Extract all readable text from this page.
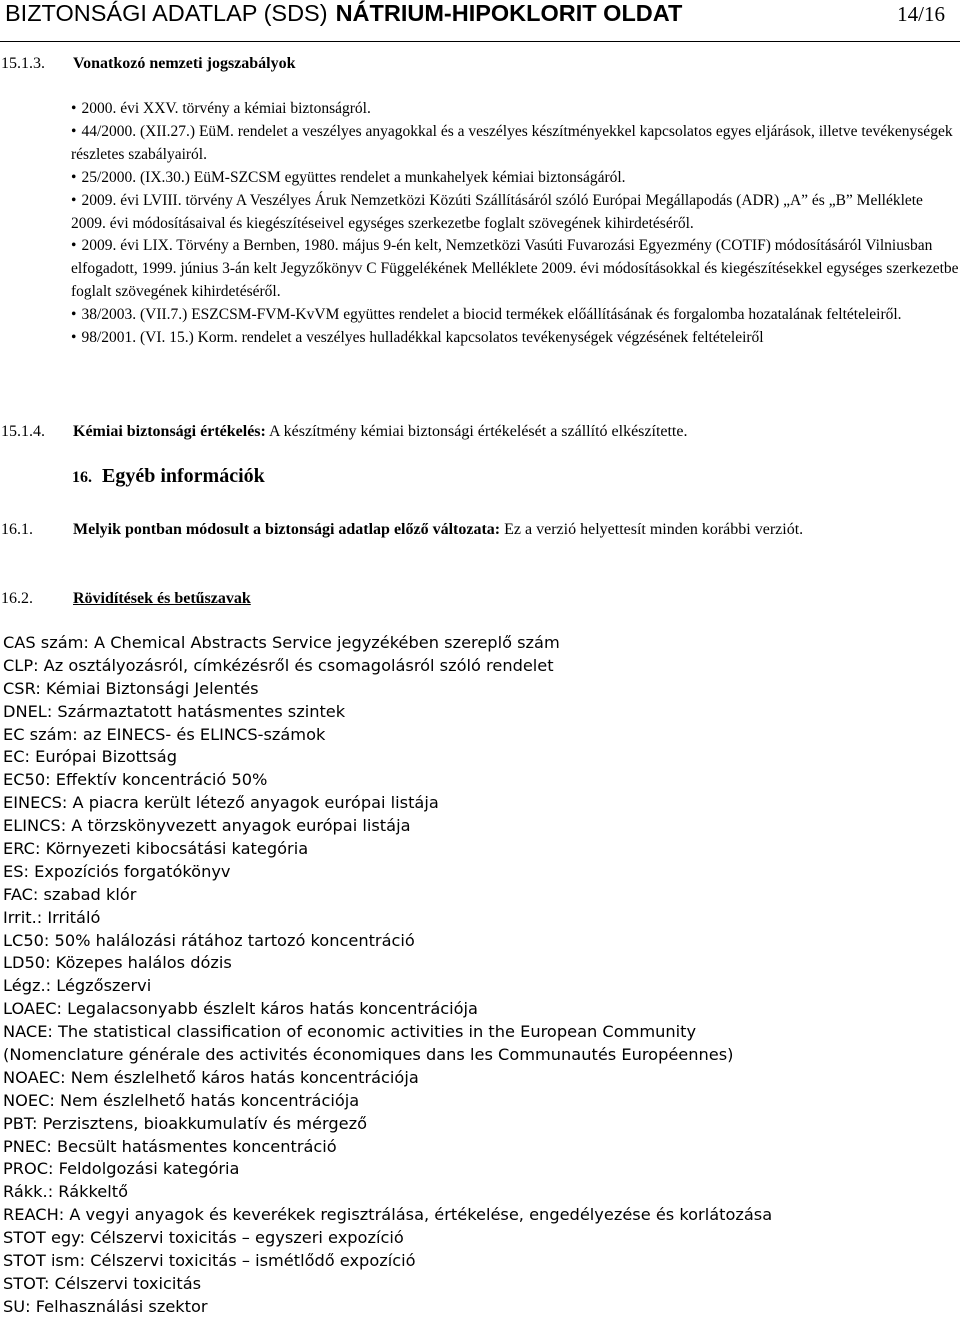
BIZTONSÁGI ADATLAP (SDS) NÁTRIUM-HIPOKLORIT OLDAT	14/16
15.1.3. Vonatkozó nemzeti jogszabályok

• 2000. évi XXV. törvény a kémiai biztonságról.

• 44/2000. (XII.27.) EüM. rendelet a veszélyes anyagokkal és a veszélyes készítményekkel kapcsolatos egyes eljárások, illetve tevékenységek részletes szabályairól.

• 25/2000. (IX.30.) EüM-SZCSM együttes rendelet a munkahelyek kémiai biztonságáról.

• 2009. évi LVIII. törvény A Veszélyes Áruk Nemzetközi Közúti Szállításáról szóló Európai Megállapodás (ADR) „A” és „B” Melléklete 2009. évi módosításaival és kiegészítéseivel egységes szerkezetbe foglalt szövegének kihirdetéséről.

• 2009. évi LIX. Törvény a Bernben, 1980. május 9-én kelt, Nemzetközi Vasúti Fuvarozási Egyezmény (COTIF) módosításáról Vilniusban elfogadott, 1999. június 3-án kelt Jegyzőkönyv C Függelékének Melléklete 2009. évi módosításokkal és kiegészítésekkel egységes szerkezetbe foglalt szövegének kihirdetéséről.

• 38/2003. (VII.7.) ESZCSM-FVM-KvVM együttes rendelet a biocid termékek előállításának és forgalomba hozatalának feltételeiről.

• 98/2001. (VI. 15.) Korm. rendelet a veszélyes hulladékkal kapcsolatos tevékenységek végzésének feltételeiről

15.1.4. Kémiai biztonsági értékelés: A készítmény kémiai biztonsági értékelését a szállító elkészítette.
16. Egyéb információk
16.1.	Melyik pontban módosult a biztonsági adatlap előző változata: Ez a verzió helyettesít minden korábbi verziót.
16.2.	Rövidítések és betűszavak
CAS szám: A Chemical Abstracts Service jegyzékében szereplő szám
CLP: Az osztályozásról, címkézésről és csomagolásról szóló rendelet
CSR: Kémiai Biztonsági Jelentés
DNEL: Származtatott hatásmentes szintek
EC szám: az EINECS- és ELINCS-számok
EC: Európai Bizottság
EC50: Effektív koncentráció 50%
EINECS: A piacra került létező anyagok európai listája
ELINCS: A törzskönyvezett anyagok európai listája
ERC: Környezeti kibocsátási kategória
ES: Expozíciós forgatókönyv
FAC: szabad klór
Irrit.: Irritáló
LC50: 50% halálozási rátához tartozó koncentráció
LD50: Közepes halálos dózis
Légz.: Légzőszervi
LOAEC: Legalacsonyabb észlelt káros hatás koncentrációja
NACE: The statistical classification of economic activities in the European Community
(Nomenclature générale des activités économiques dans les Communautés Européennes)
NOAEC: Nem észlelhető káros hatás koncentrációja
NOEC: Nem észlelhető hatás koncentrációja
PBT: Perzisztens, bioakkumulatív és mérgező
PNEC: Becsült hatásmentes koncentráció
PROC: Feldolgozási kategória
Rákk.: Rákkeltő
REACH: A vegyi anyagok és keverékek regisztrálása, értékelése, engedélyezése és korlátozása
STOT egy: Célszervi toxicitás – egyszeri expozíció
STOT ism: Célszervi toxicitás – ismétlődő expozíció
STOT: Célszervi toxicitás
SU: Felhasználási szektor
